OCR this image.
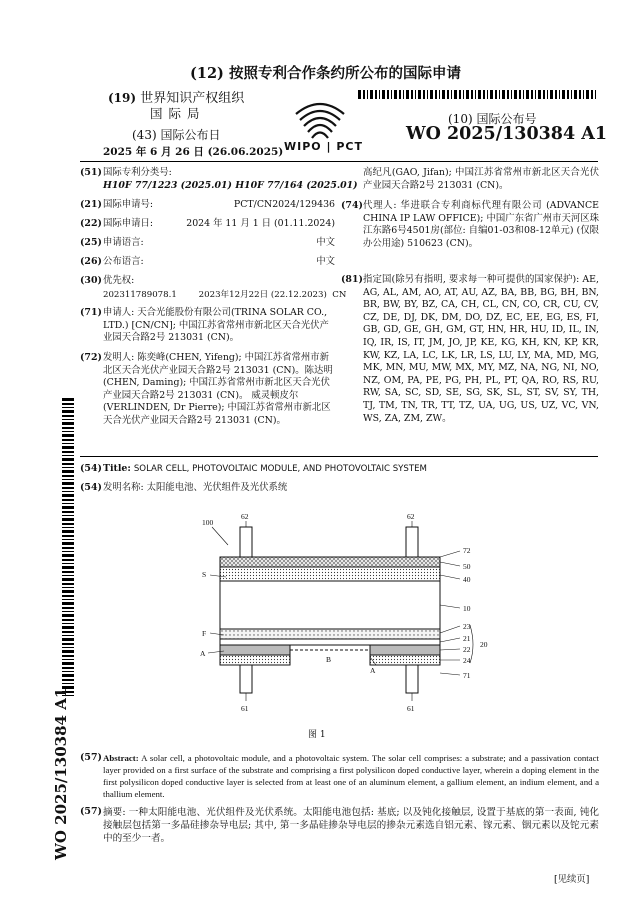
(12) 按照专利合作条约所公布的国际申请
(19) 世界知识产权组织
国 际 局
(43) 国际公布日
2025 年 6 月 26 日 (26.06.2025) WIPO | PCT
(10) 国际公布号
WO 2025/130384 A1
(51) 国际专利分类号:
H10F 77/1223 (2025.01) H10F 77/164 (2025.01)
(21) 国际申请号:	PCT/CN2024/129436
(22) 国际申请日:	2024 年 11 月 1 日 (01.11.2024)
(25) 申请语言:	中文
(26) 公布语言:	中文
(30) 优先权:
202311789078.1        2023年12月22日 (22.12.2023)  CN
(71) 申请人: 天合光能股份有限公司(TRINA SOLAR CO., LTD.) [CN/CN]; 中国江苏省常州市新北区天合光伏产业园天合路2号 213031 (CN)。
(72) 发明人: 陈奕峰(CHEN, Yifeng); 中国江苏省常州市新北区天合光伏产业园天合路2号 213031 (CN)。陈达明(CHEN, Daming); 中国江苏省常州市新北区天合光伏产业园天合路2号 213031 (CN)。 威灵顿皮尔(VERLINDEN, Dr Pierre); 中国江苏省常州市新北区天合光伏产业园天合路2号 213031 (CN)。
高纪凡(GAO, Jifan); 中国江苏省常州市新北区天合光伏产业园天合路2号 213031 (CN)。
(74) 代理人: 华进联合专利商标代理有限公司 (ADVANCE CHINA IP LAW OFFICE); 中国广东省广州市天河区珠江东路6号4501房(部位: 自编01-03和08-12单元) (仅限办公用途) 510623 (CN)。
(81) 指定国(除另有指明, 要求每一种可提供的国家保护): AE, AG, AL, AM, AO, AT, AU, AZ, BA, BB, BG, BH, BN, BR, BW, BY, BZ, CA, CH, CL, CN, CO, CR, CU, CV, CZ, DE, DJ, DK, DM, DO, DZ, EC, EE, EG, ES, FI, GB, GD, GE, GH, GM, GT, HN, HR, HU, ID, IL, IN, IQ, IR, IS, IT, JM, JO, JP, KE, KG, KH, KN, KP, KR, KW, KZ, LA, LC, LK, LR, LS, LU, LY, MA, MD, MG, MK, MN, MU, MW, MX, MY, MZ, NA, NG, NI, NO, NZ, OM, PA, PE, PG, PH, PL, PT, QA, RO, RS, RU, RW, SA, SC, SD, SE, SG, SK, SL, ST, SV, SY, TH, TJ, TM, TN, TR, TT, TZ, UA, UG, US, UZ, VC, VN, WS, ZA, ZM, ZW。
(54) Title: SOLAR CELL, PHOTOVOLTAIC MODULE, AND PHOTOVOLTAIC SYSTEM
(54) 发明名称: 太阳能电池、光伏组件及光伏系统
100
62	62
72
50
40
S
10
23
21
22
24
20
71
F
A
A
B
61	61
图 1
(57) Abstract: A solar cell, a photovoltaic module, and a photovoltaic system. The solar cell comprises: a substrate; and a passivation contact layer provided on a first surface of the substrate and comprising a first polysilicon doped conductive layer, wherein a doping element in the first polysilicon doped conductive layer is selected from at least one of an aluminum element, a gallium element, an indium element, and a thallium element.
(57) 摘要: 一种太阳能电池、光伏组件及光伏系统。太阳能电池包括: 基底; 以及钝化接触层, 设置于基底的第一表面, 钝化接触层包括第一多晶硅掺杂导电层; 其中, 第一多晶硅掺杂导电层的掺杂元素选自铝元素、镓元素、铟元素以及铊元素中的至少一者。
WO 2025/130384 A1
[见续页]
